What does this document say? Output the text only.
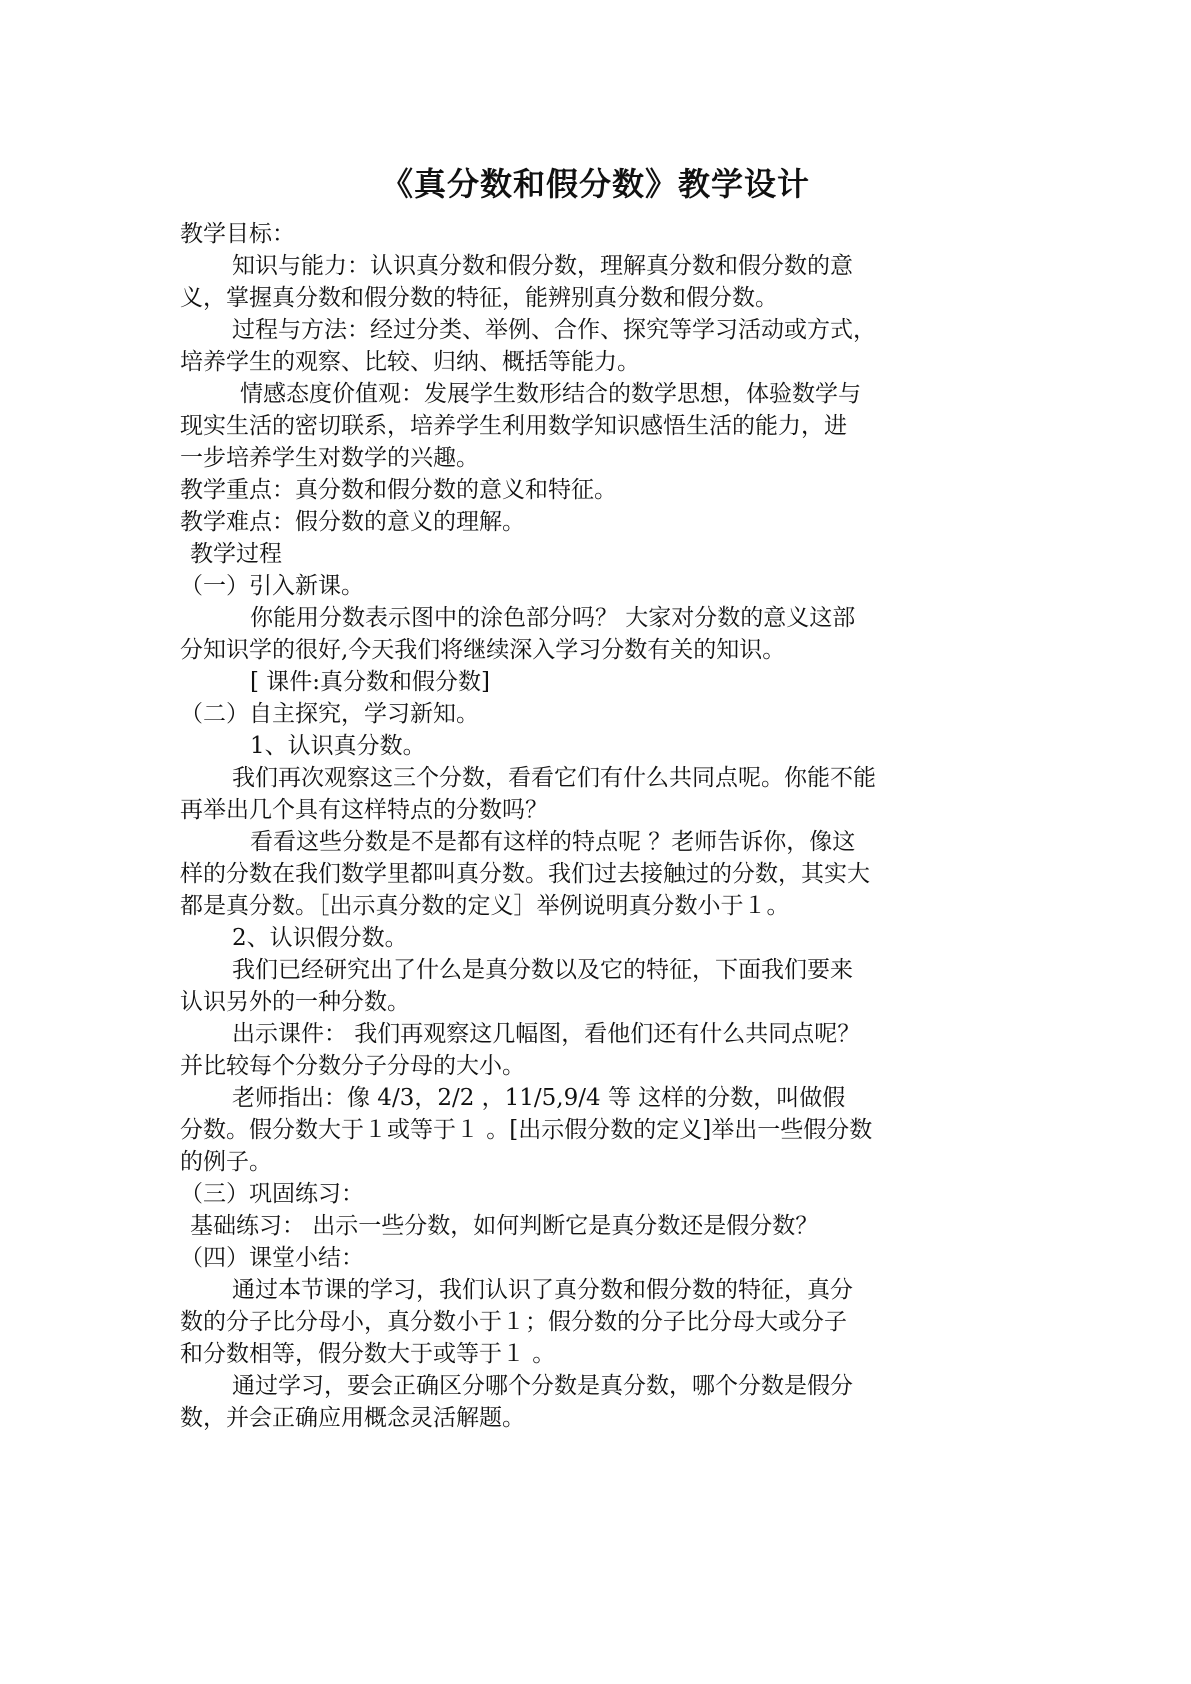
《真分数和假分数》教学设计
教学目标：
知识与能力：认识真分数和假分数，理解真分数和假分数的意
义，掌握真分数和假分数的特征，能辨别真分数和假分数。
过程与方法：经过分类、举例、合作、探究等学习活动或方式，
培养学生的观察、比较、归纳、概括等能力。
情感态度价值观：发展学生数形结合的数学思想，体验数学与
现实生活的密切联系，培养学生利用数学知识感悟生活的能力，进
一步培养学生对数学的兴趣。
教学重点：真分数和假分数的意义和特征。
教学难点：假分数的意义的理解。
教学过程
（一）引入新课。
你能用分数表示图中的涂色部分吗？ 大家对分数的意义这部
分知识学的很好,今天我们将继续深入学习分数有关的知识。
[ 课件:真分数和假分数]
（二）自主探究，学习新知。
1、认识真分数。
我们再次观察这三个分数，看看它们有什么共同点呢。你能不能
再举出几个具有这样特点的分数吗？
看看这些分数是不是都有这样的特点呢 ？老师告诉你，像这
样的分数在我们数学里都叫真分数。我们过去接触过的分数，其实大
都是真分数。［出示真分数的定义］举例说明真分数小于１。
2、认识假分数。
我们已经研究出了什么是真分数以及它的特征，下面我们要来
认识另外的一种分数。
出示课件： 我们再观察这几幅图，看他们还有什么共同点呢？
并比较每个分数分子分母的大小。
老师指出：像 4/3，2/2 ，11/5,9/4 等 这样的分数，叫做假
分数。假分数大于１或等于１ 。[出示假分数的定义]举出一些假分数
的例子。
（三）巩固练习：
基础练习： 出示一些分数，如何判断它是真分数还是假分数？
（四）课堂小结：
通过本节课的学习，我们认识了真分数和假分数的特征，真分
数的分子比分母小，真分数小于１；假分数的分子比分母大或分子
和分数相等，假分数大于或等于１ 。
通过学习，要会正确区分哪个分数是真分数，哪个分数是假分
数，并会正确应用概念灵活解题。
